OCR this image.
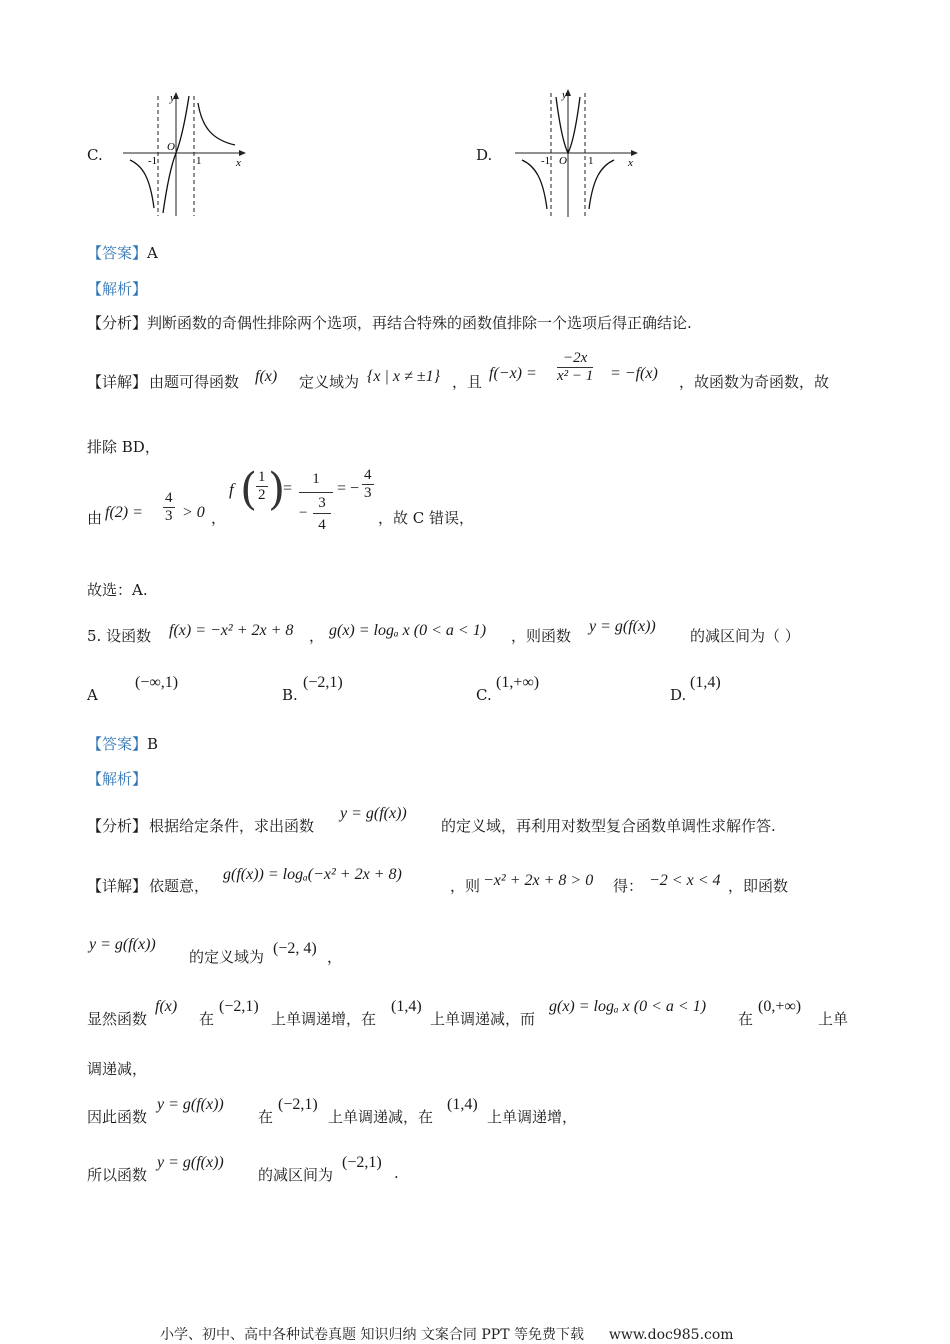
C.
y
x
O
-1	1	D.
y
x
O
-1	1
【答案】A
【解析】
【分析】判断函数的奇偶性排除两个选项，再结合特殊的函数值排除一个选项后得正确结论.
【详解】 由题可得函数 f(x) 定义域为 {x | x ≠ ±1} ，且 $f(-x) = \frac{-2x}{\text{x² − 1}} = -f(x)$ ，故函数为奇函数，故
排除 BD，
由 $f(2) = \frac{4}{3} > 0$ ，
f (
$\frac{1}{2}$ )
=
1
− $\frac{3}{4}$
= − $\frac{4}{3}$
，故 C 错误，
故选：A.
5. 设函数 f(x) = −x² + 2x + 8 ， g(x) = logₐ x (0 < a < 1) ，则函数
y = g(f(x))
的减区间为（ ）
A
(−∞,1)
B.
(−2,1)
C.
(1,+∞)
D.
(1,4)
【答案】B
【解析】
【分析】 根据给定条件，求出函数
y = g(f(x))
的定义域，再利用对数型复合函数单调性求解作答.
【详解】 依题意，
g(f(x)) = logₐ(−x² + 2x + 8)
，则 −x² + 2x + 8 > 0 得： −2 < x < 4 ，即函数
y = g(f(x))
的定义域为 (−2, 4) ，
显然函数
f(x)
在
(−2,1)
上单调递增，在
(1,4)
上单调递减，而
g(x) = logₐ x (0 < a < 1)
在
(0,+∞)
上单
调递减，
因此函数
y = g(f(x))
在
(−2,1)
上单调递减，在
(1,4)
上单调递增，
所以函数
y = g(f(x))
的减区间为
(−2,1)
.
小学、初中、高中各种试卷真题 知识归纳 文案合同 PPT 等免费下载 www.doc985.com
